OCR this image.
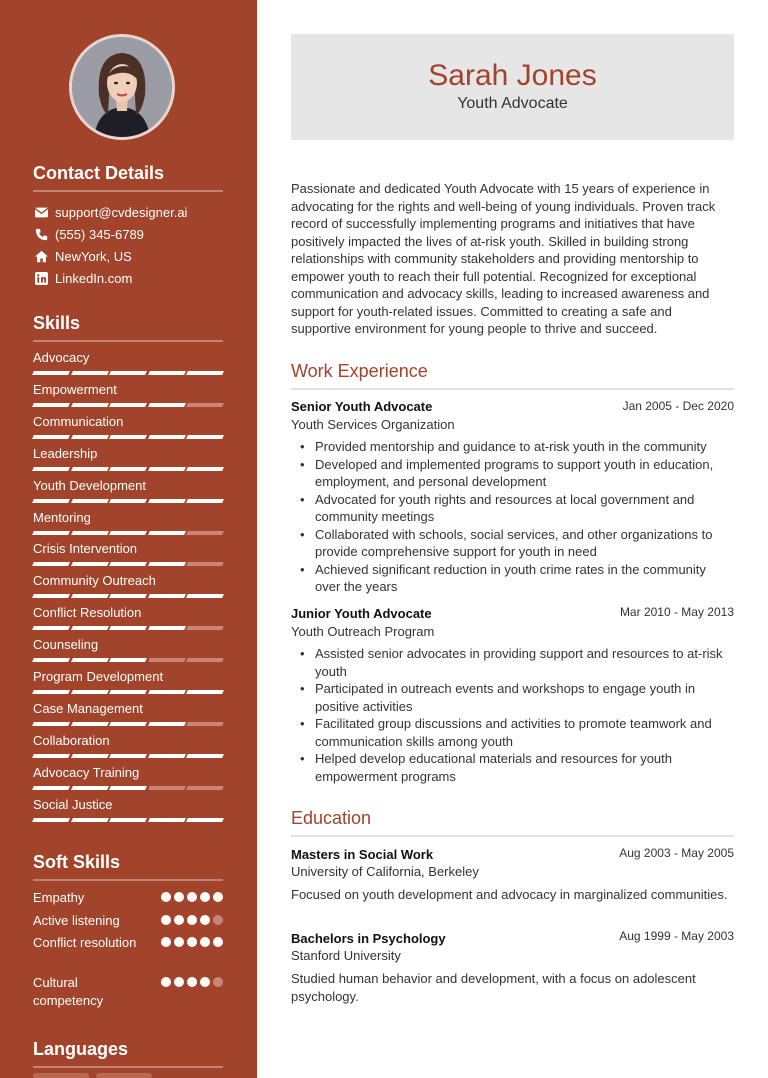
Contact Details
support@cvdesigner.ai
(555) 345-6789
NewYork, US
LinkedIn.com
Skills
Advocacy
Empowerment
Communication
Leadership
Youth Development
Mentoring
Crisis Intervention
Community Outreach
Conflict Resolution
Counseling
Program Development
Case Management
Collaboration
Advocacy Training
Social Justice
Soft Skills
Empathy
Active listening
Conflict resolution
Cultural competency
Languages
Sarah Jones
Youth Advocate
Passionate and dedicated Youth Advocate with 15 years of experience in advocating for the rights and well-being of young individuals. Proven track record of successfully implementing programs and initiatives that have positively impacted the lives of at-risk youth. Skilled in building strong relationships with community stakeholders and providing mentorship to empower youth to reach their full potential. Recognized for exceptional communication and advocacy skills, leading to increased awareness and support for youth-related issues. Committed to creating a safe and supportive environment for young people to thrive and succeed.
Work Experience
Senior Youth Advocate	Jan 2005 - Dec 2020
Youth Services Organization
• Provided mentorship and guidance to at-risk youth in the community
• Developed and implemented programs to support youth in education, employment, and personal development
• Advocated for youth rights and resources at local government and community meetings
• Collaborated with schools, social services, and other organizations to provide comprehensive support for youth in need
• Achieved significant reduction in youth crime rates in the community over the years
Junior Youth Advocate	Mar 2010 - May 2013
Youth Outreach Program
• Assisted senior advocates in providing support and resources to at-risk youth
• Participated in outreach events and workshops to engage youth in positive activities
• Facilitated group discussions and activities to promote teamwork and communication skills among youth
• Helped develop educational materials and resources for youth empowerment programs
Education
Masters in Social Work	Aug 2003 - May 2005
University of California, Berkeley
Focused on youth development and advocacy in marginalized communities.
Bachelors in Psychology	Aug 1999 - May 2003
Stanford University
Studied human behavior and development, with a focus on adolescent psychology.
